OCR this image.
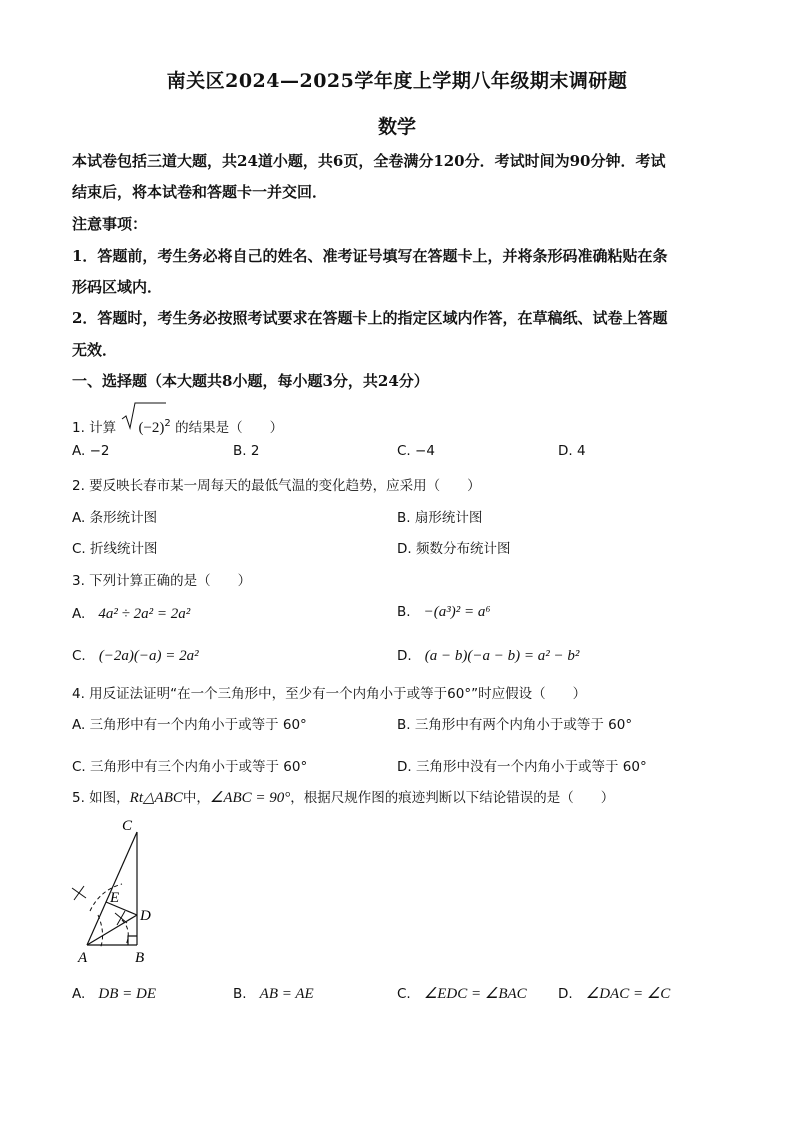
南关区2024—2025学年度上学期八年级期末调研题
数学
本试卷包括三道大题，共24道小题，共6页，全卷满分120分．考试时间为90分钟．考试
结束后，将本试卷和答题卡一并交回．
注意事项：
1．答题前，考生务必将自己的姓名、准考证号填写在答题卡上，并将条形码准确粘贴在条
形码区域内．
2．答题时，考生务必按照考试要求在答题卡上的指定区域内作答，在草稿纸、试卷上答题
无效．
一、选择题（本大题共8小题，每小题3分，共24分）
1. 计算 $(-2)^2$ 的结果是（　　）
A. −2	B. 2	C. −4	D. 4
2. 要反映长春市某一周每天的最低气温的变化趋势，应采用（　　）
A. 条形统计图	B. 扇形统计图
C. 折线统计图	D. 频数分布统计图
3. 下列计算正确的是（　　）
A. 4a² ÷ 2a² = 2a²	B. −(a³)² = a⁶
C. (−2a)(−a) = 2a²	D. (a − b)(−a − b) = a² − b²
4. 用反证法证明“在一个三角形中，至少有一个内角小于或等于60°”时应假设（　　）
A. 三角形中有一个内角小于或等于 60°	B. 三角形中有两个内角小于或等于 60°
C. 三角形中有三个内角小于或等于 60°	D. 三角形中没有一个内角小于或等于 60°
5. 如图，Rt△ABC中，∠ABC = 90°，根据尺规作图的痕迹判断以下结论错误的是（　　）
C
E
D
A	B
A. DB = DE	B. AB = AE	C. ∠EDC = ∠BAC D. ∠DAC = ∠C
